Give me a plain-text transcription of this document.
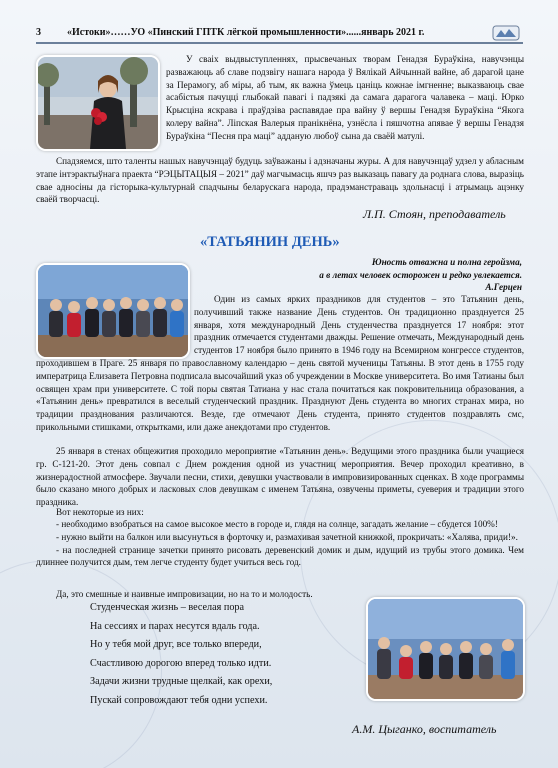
3	«Истоки»……УО «Пинский ГПТК лёгкой промышленности»......январь 2021 г.
У сваіх выдвыступленнях, прысвечаных творам Генадзя Бураўкіна, навучэнцы разважаюць аб славе подзвігу нашага народа ў Вялікай Айчыннай вайне, аб дарагой цане за Перамогу, аб міры, аб тым, як важна ўмець цаніць кожнае імгненне; выказваюць свае асабістыя пачуцці глыбокай павагі і падзякі да самага дарагога чалавека – маці. Юрко Крысціна яскрава і праўдзіва распавядае пра вайну ў вершы Генадзя Бураўкіна “Якога колеру вайна”. Ліпская Валерыя пранікнёна, узнёсла і пяшчотна апявае ў вершы Генадзя Бураўкіна “Песня пра маці” адданую любоў сына да сваёй матулі.
Спадзяемся, што таленты нашых навучэнцаў будуць заўважаны і адзначаны журы. А для навучэнцаў удзел у абласным этапе інтэрактыўнага праекта “РЭЦЫТАЦЫЯ – 2021” даў магчымасць яшчэ раз выказаць павагу да роднага слова, выразіць свае адносіны да гісторыка-культурнай спадчыны беларускага народа, прадэманстраваць здольнасці і атрымаць ацэнку сваёй творчасці.
Л.П. Стоян, преподаватель
«ТАТЬЯНИН ДЕНЬ»
Юность отважна и полна геройзма,
а в летах человек осторожен и редко увлекается.
А.Герцен
Один из самых ярких праздников для студентов – это Татьянин день, получивший также название День студентов. Он традиционно празднуется 25 января, хотя международный День студенчества празднуется 17 ноября: этот праздник отмечается студентами дважды. Решение отмечать, Международный день студентов 17 ноября было принято в 1946 году на Всемирном конгрессе студентов, проходившем в Праге. 25 января по православному календарю – день святой мученицы Татьяны. В этот день в 1755 году императрица Елизавета Петровна подписала высочайший указ об учреждении в Москве университета. Во имя Татианы был освящен храм при университете. С той поры святая Татиана у нас стала почитаться как покровительница образования, а «Татьянин день» превратился в веселый студенческий праздник. Празднуют День студента во многих странах мира, но традиции празднования различаются. Везде, где отмечают День студента, принято студентов поздравлять смс, прикольными стишками, открытками, или даже анекдотами про студентов.
25 января в стенах общежития проходило мероприятие «Татьянин день». Ведущими этого праздника были учащиеся гр. С-121-20. Этот день совпал с Днем рождения одной из участниц мероприятия. Вечер проходил креативно, в жизнерадостной атмосфере. Звучали песни, стихи, девушки участвовали в импровизированных сценках. В ходе программы было сказано много добрых и ласковых слов девушкам с именем Татьяна, озвучены приметы, суеверия и традиции этого праздника.
Вот некоторые из них:

- необходимо взобраться на самое высокое место в городе и, глядя на солнце, загадать желание – сбудется 100%!

- нужно выйти на балкон или высунуться в форточку и, размахивая зачетной книжкой, прокричать: «Халява, приди!».

- на последней странице зачетки принято рисовать деревенский домик и дым, идущий из трубы этого домика. Чем длиннее получится дым, тем легче студенту будет учиться весь год.

Да, это смешные и наивные импровизации, но на то и молодость.
Студенческая жизнь – веселая пора
На сессиях и парах несутся вдаль года.
Но у тебя мой друг, все только впереди,
Счастливою дорогою вперед только идти.
Задачи жизни трудные щелкай, как орехи,
Пускай сопровождают тебя одни успехи.
А.М. Цыганко, воспитатель
